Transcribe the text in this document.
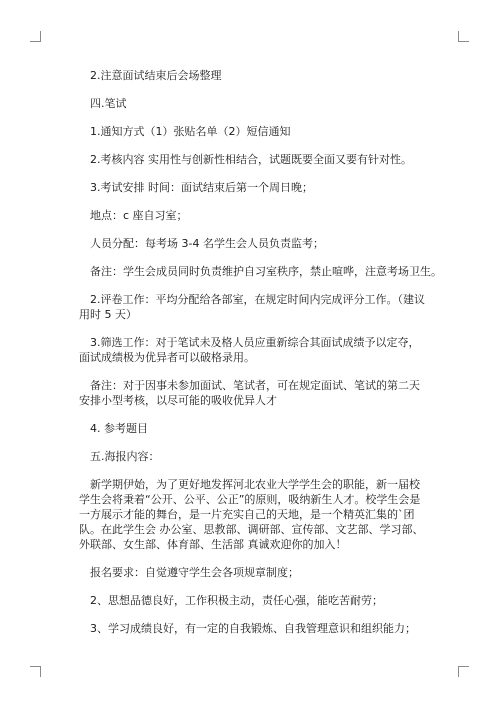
2.注意面试结束后会场整理

四.笔试

1.通知方式（1）张贴名单（2）短信通知

2.考核内容 实用性与创新性相结合，试题既要全面又要有针对性。

3.考试安排 时间：面试结束后第一个周日晚；

地点：c 座自习室；

人员分配：每考场 3-4 名学生会人员负责监考；

备注：学生会成员同时负责维护自习室秩序，禁止喧哗，注意考场卫生。

2.评卷工作：平均分配给各部室，在规定时间内完成评分工作。（建议用时 5 天）

3.筛选工作：对于笔试未及格人员应重新综合其面试成绩予以定夺，面试成绩极为优异者可以破格录用。

备注：对于因事未参加面试、笔试者，可在规定面试、笔试的第二天安排小型考核，以尽可能的吸收优异人才

4. 参考题目

五.海报内容：

新学期伊始，为了更好地发挥河北农业大学学生会的职能，新一届校学生会将秉着“公开、公平、公正”的原则，吸纳新生人才。校学生会是一方展示才能的舞台，是一片充实自己的天地，是一个精英汇集的`团队。在此学生会 办公室、思教部、调研部、宣传部、文艺部、学习部、外联部、女生部、体育部、生活部 真诚欢迎你的加入！

报名要求：自觉遵守学生会各项规章制度；

2、思想品德良好，工作积极主动，责任心强，能吃苦耐劳；

3、学习成绩良好，有一定的自我锻炼、自我管理意识和组织能力；
